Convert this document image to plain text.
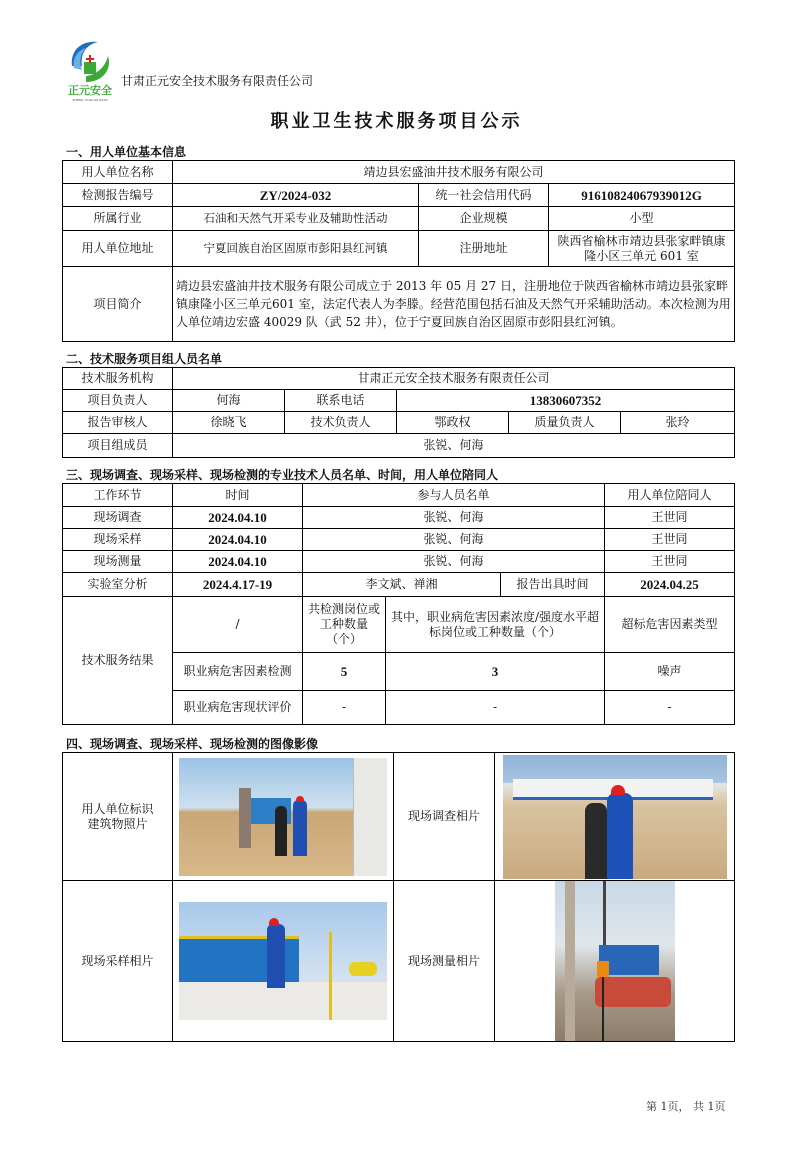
正元安全
ZHENG YUAN AN QUAN
甘肃正元安全技术服务有限责任公司
职业卫生技术服务项目公示
一、用人单位基本信息
用人单位名称	靖边县宏盛油井技术服务有限公司		
检测报告编号	ZY/2024-032	统一社会信用代码	91610824067939012G
所属行业	石油和天然气开采专业及辅助性活动	企业规模	小型
用人单位地址	宁夏回族自治区固原市彭阳县红河镇	注册地址	陕西省榆林市靖边县张家畔镇康隆小区三单元 601 室
项目简介	靖边县宏盛油井技术服务有限公司成立于 2013 年 05 月 27 日，注册地位于陕西省榆林市靖边县张家畔镇康隆小区三单元601 室，法定代表人为李滕。经营范围包括石油及天然气开采辅助活动。本次检测为用人单位靖边宏盛 40029 队（武 52 井），位于宁夏回族自治区固原市彭阳县红河镇。		
二、技术服务项目组人员名单
技术服务机构	甘肃正元安全技术服务有限责任公司				
项目负责人	何海	联系电话	13830607352		
报告审核人	徐晓飞	技术负责人	鄂政权	质量负责人	张玲
项目组成员	张锐、何海				
三、现场调查、现场采样、现场检测的专业技术人员名单、时间，用人单位陪同人
工作环节	时间	参与人员名单			用人单位陪同人
现场调查	2024.04.10	张锐、何海			王世同
现场采样	2024.04.10	张锐、何海			王世同
现场测量	2024.04.10	张锐、何海			王世同
实验室分析	2024.4.17-19	李文斌、禅湘		报告出具时间	2024.04.25
技术服务结果	/	共检测岗位或工种数量（个）	其中，职业病危害因素浓度/强度水平超标岗位或工种数量（个）		超标危害因素类型
	职业病危害因素检测	5	3		噪声
	职业病危害现状评价	-	-		-
四、现场调查、现场采样、现场检测的图像影像
用人单位标识建筑物照片		现场调查相片	

现场采样相片		现场测量相片	
第 1页， 共 1页
